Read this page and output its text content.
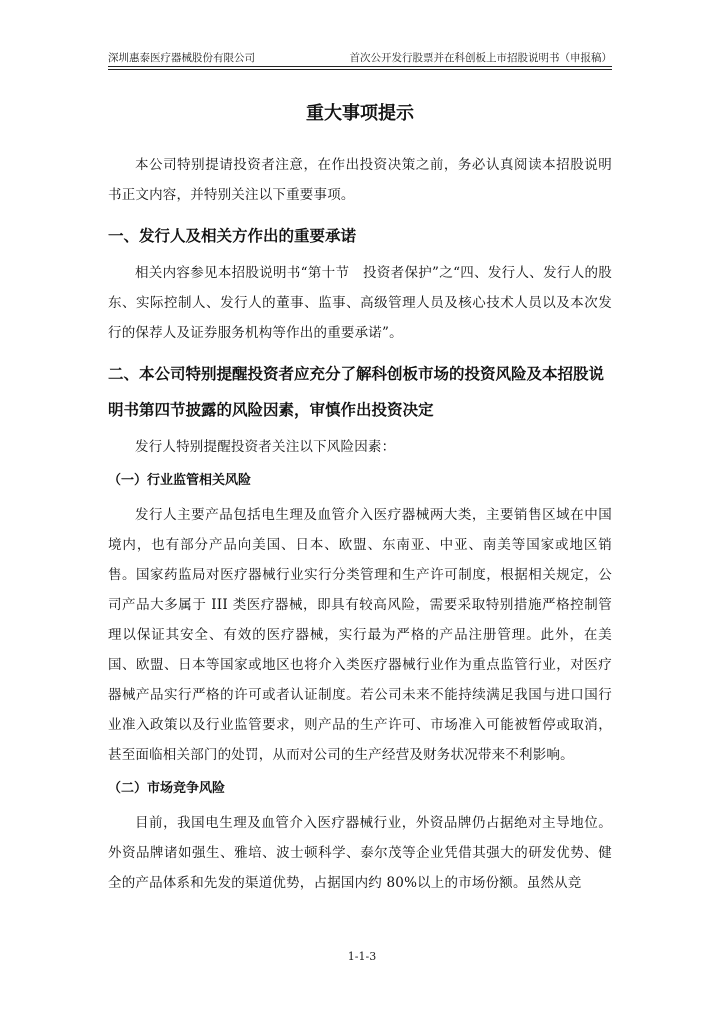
深圳惠泰医疗器械股份有限公司	首次公开发行股票并在科创板上市招股说明书（申报稿）
重大事项提示

本公司特别提请投资者注意，在作出投资决策之前，务必认真阅读本招股说明书正文内容，并特别关注以下重要事项。

一、发行人及相关方作出的重要承诺

相关内容参见本招股说明书“第十节　投资者保护”之“四、发行人、发行人的股东、实际控制人、发行人的董事、监事、高级管理人员及核心技术人员以及本次发行的保荐人及证券服务机构等作出的重要承诺”。

二、本公司特别提醒投资者应充分了解科创板市场的投资风险及本招股说明书第四节披露的风险因素，审慎作出投资决定

发行人特别提醒投资者关注以下风险因素：

（一）行业监管相关风险

发行人主要产品包括电生理及血管介入医疗器械两大类，主要销售区域在中国境内，也有部分产品向美国、日本、欧盟、东南亚、中亚、南美等国家或地区销售。国家药监局对医疗器械行业实行分类管理和生产许可制度，根据相关规定，公司产品大多属于 III 类医疗器械，即具有较高风险，需要采取特别措施严格控制管理以保证其安全、有效的医疗器械，实行最为严格的产品注册管理。此外，在美国、欧盟、日本等国家或地区也将介入类医疗器械行业作为重点监管行业，对医疗器械产品实行严格的许可或者认证制度。若公司未来不能持续满足我国与进口国行业准入政策以及行业监管要求，则产品的生产许可、市场准入可能被暂停或取消，甚至面临相关部门的处罚，从而对公司的生产经营及财务状况带来不利影响。

（二）市场竞争风险

目前，我国电生理及血管介入医疗器械行业，外资品牌仍占据绝对主导地位。外资品牌诸如强生、雅培、波士顿科学、泰尔茂等企业凭借其强大的研发优势、健全的产品体系和先发的渠道优势，占据国内约 80%以上的市场份额。虽然从竞

1-1-3
